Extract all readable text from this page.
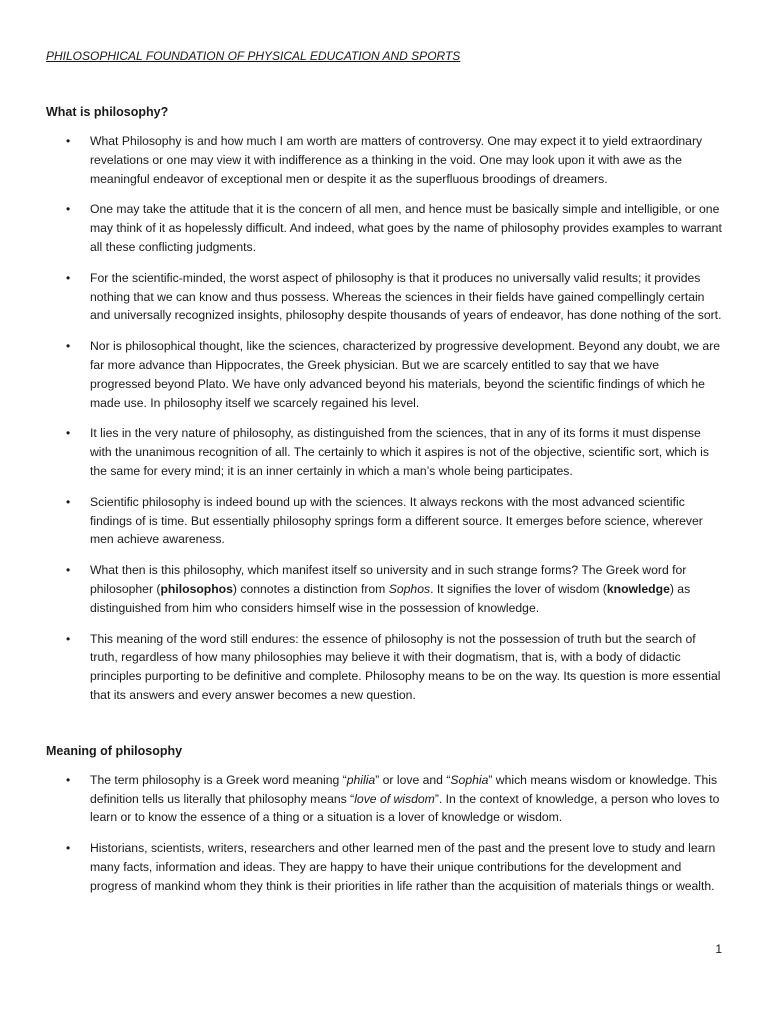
PHILOSOPHICAL FOUNDATION OF PHYSICAL EDUCATION AND SPORTS
What is philosophy?
• What Philosophy is and how much I am worth are matters of controversy. One may expect it to yield extraordinary revelations or one may view it with indifference as a thinking in the void. One may look upon it with awe as the meaningful endeavor of exceptional men or despite it as the superfluous broodings of dreamers.
• One may take the attitude that it is the concern of all men, and hence must be basically simple and intelligible, or one may think of it as hopelessly difficult. And indeed, what goes by the name of philosophy provides examples to warrant all these conflicting judgments.
• For the scientific-minded, the worst aspect of philosophy is that it produces no universally valid results; it provides nothing that we can know and thus possess. Whereas the sciences in their fields have gained compellingly certain and universally recognized insights, philosophy despite thousands of years of endeavor, has done nothing of the sort.
• Nor is philosophical thought, like the sciences, characterized by progressive development. Beyond any doubt, we are far more advance than Hippocrates, the Greek physician. But we are scarcely entitled to say that we have progressed beyond Plato. We have only advanced beyond his materials, beyond the scientific findings of which he made use. In philosophy itself we scarcely regained his level.
• It lies in the very nature of philosophy, as distinguished from the sciences, that in any of its forms it must dispense with the unanimous recognition of all. The certainly to which it aspires is not of the objective, scientific sort, which is the same for every mind; it is an inner certainly in which a man’s whole being participates.
• Scientific philosophy is indeed bound up with the sciences. It always reckons with the most advanced scientific findings of is time. But essentially philosophy springs form a different source. It emerges before science, wherever men achieve awareness.
• What then is this philosophy, which manifest itself so university and in such strange forms? The Greek word for philosopher (philosophos) connotes a distinction from Sophos. It signifies the lover of wisdom (knowledge) as distinguished from him who considers himself wise in the possession of knowledge.
• This meaning of the word still endures: the essence of philosophy is not the possession of truth but the search of truth, regardless of how many philosophies may believe it with their dogmatism, that is, with a body of didactic principles purporting to be definitive and complete. Philosophy means to be on the way. Its question is more essential that its answers and every answer becomes a new question.
Meaning of philosophy
• The term philosophy is a Greek word meaning “philia” or love and “Sophia” which means wisdom or knowledge. This definition tells us literally that philosophy means “love of wisdom”. In the context of knowledge, a person who loves to learn or to know the essence of a thing or a situation is a lover of knowledge or wisdom.
• Historians, scientists, writers, researchers and other learned men of the past and the present love to study and learn many facts, information and ideas. They are happy to have their unique contributions for the development and progress of mankind whom they think is their priorities in life rather than the acquisition of materials things or wealth.
1
